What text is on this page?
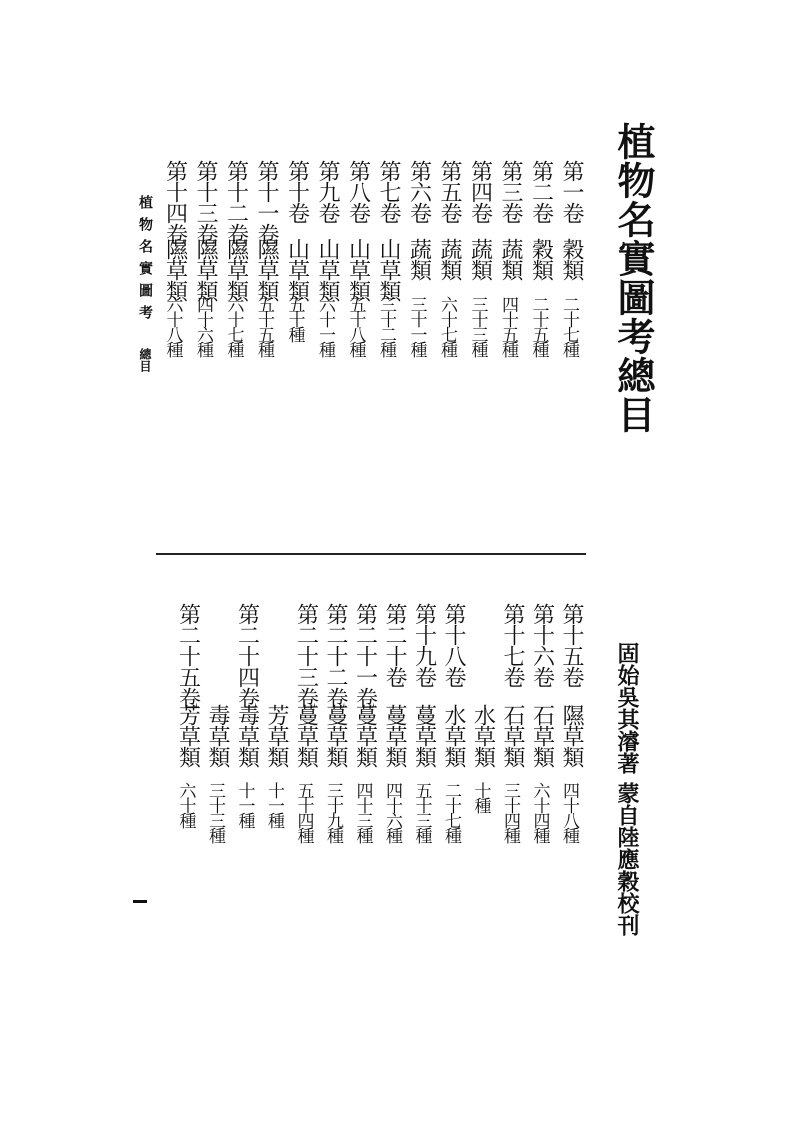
植物名實圖考總目
第一卷
穀類
二十七種
第二卷
穀類
二十五種
第三卷
蔬類
四十五種
第四卷
蔬類
三十三種
第五卷
蔬類
六十七種
第六卷
蔬類
三十一種
第七卷
山草類
三十二種
第八卷
山草類
五十八種
第九卷
山草類
六十一種
第十卷
山草類
五十種
第十一卷
隰草類
五十五種
第十二卷
隰草類
六十七種
第十三卷
隰草類
四十六種
第十四卷
隰草類
六十八種
植物名實圖考
總目
固始吳其濬著
蒙自陸應穀校刊
第十五卷
隰草類
四十八種
第十六卷
石草類
六十四種
第十七卷
石草類
三十四種
水草類
十種
第十八卷
水草類
二十七種
第十九卷
蔓草類
五十三種
第二十卷
蔓草類
四十六種
第二十一卷
蔓草類
四十三種
第二十二卷
蔓草類
三十九種
第二十三卷
蔓草類
五十四種
芳草類
十一種
第二十四卷
毒草類
十一種
毒草類
三十三種
第二十五卷
芳草類
六十種
